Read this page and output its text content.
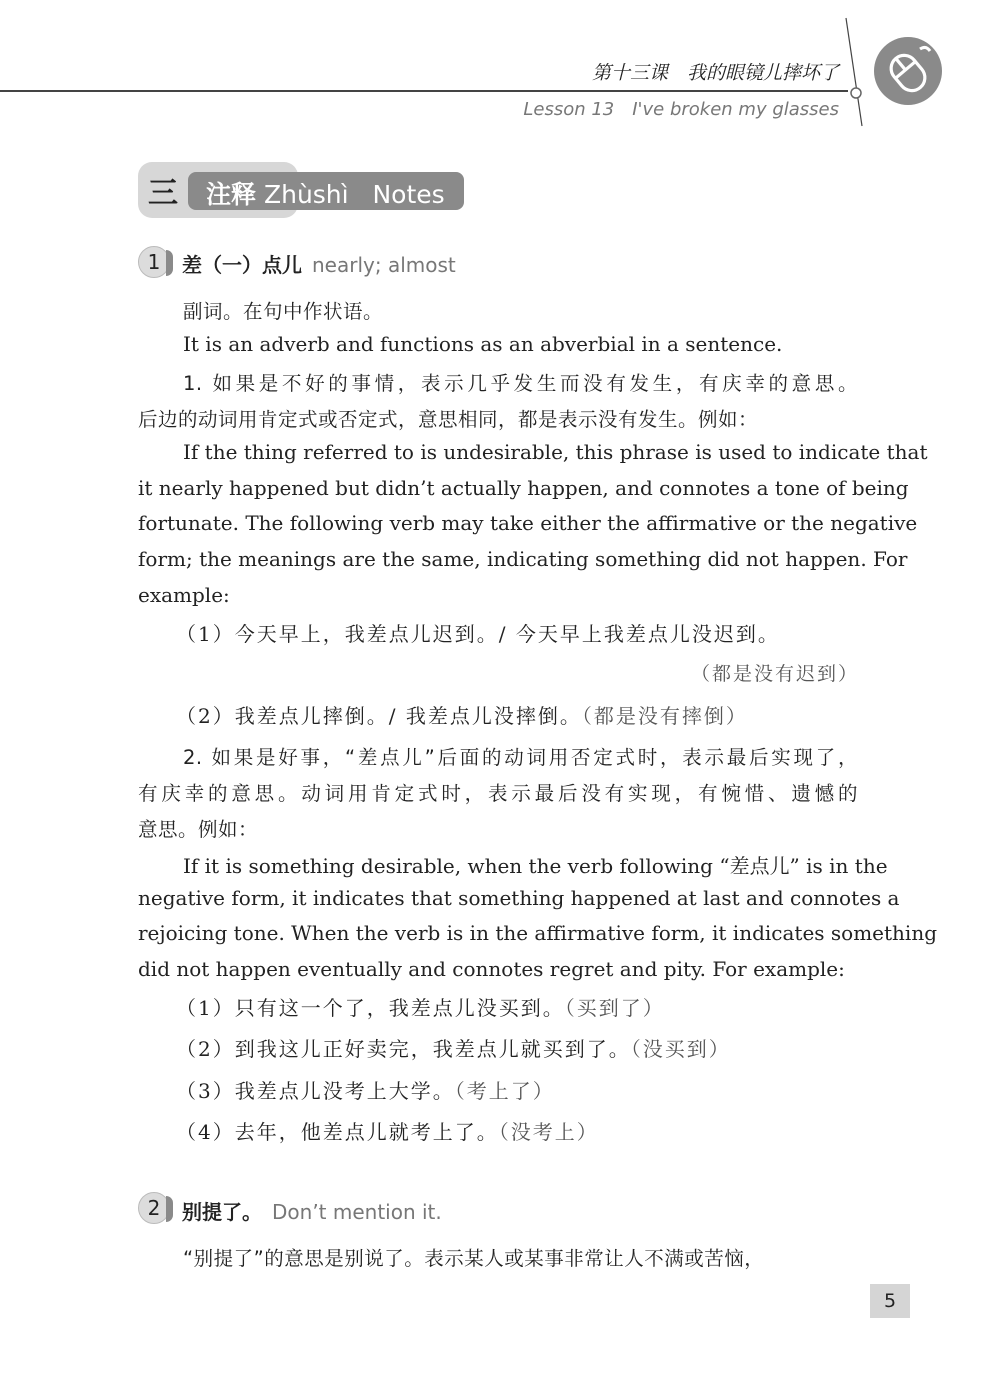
第十三课　我的眼镜儿摔坏了
Lesson 13　I've broken my glasses
三 注释 Zhùshì Notes
1	差（一）点儿 nearly; almost
副词。在句中作状语。
It is an adverb and functions as an abverbial in a sentence.
1. 如果是不好的事情，表示几乎发生而没有发生，有庆幸的意思。
后边的动词用肯定式或否定式，意思相同，都是表示没有发生。例如：
If the thing referred to is undesirable, this phrase is used to indicate that
it nearly happened but didn’t actually happen, and connotes a tone of being
fortunate. The following verb may take either the affirmative or the negative
form; the meanings are the same, indicating something did not happen. For
example:
（1）今天早上，我差点儿迟到。/ 今天早上我差点儿没迟到。
（都是没有迟到）
（2）我差点儿摔倒。/ 我差点儿没摔倒。（都是没有摔倒）
2. 如果是好事，“差点儿”后面的动词用否定式时，表示最后实现了，
有庆幸的意思。动词用肯定式时，表示最后没有实现，有惋惜、遗憾的
意思。例如：
If it is something desirable, when the verb following “差点儿” is in the
negative form, it indicates that something happened at last and connotes a
rejoicing tone. When the verb is in the affirmative form, it indicates something
did not happen eventually and connotes regret and pity. For example:
（1）只有这一个了，我差点儿没买到。（买到了）
（2）到我这儿正好卖完，我差点儿就买到了。（没买到）
（3）我差点儿没考上大学。（考上了）
（4）去年，他差点儿就考上了。（没考上）
2	别提了。 Don’t mention it.
“别提了”的意思是别说了。表示某人或某事非常让人不满或苦恼，
5
